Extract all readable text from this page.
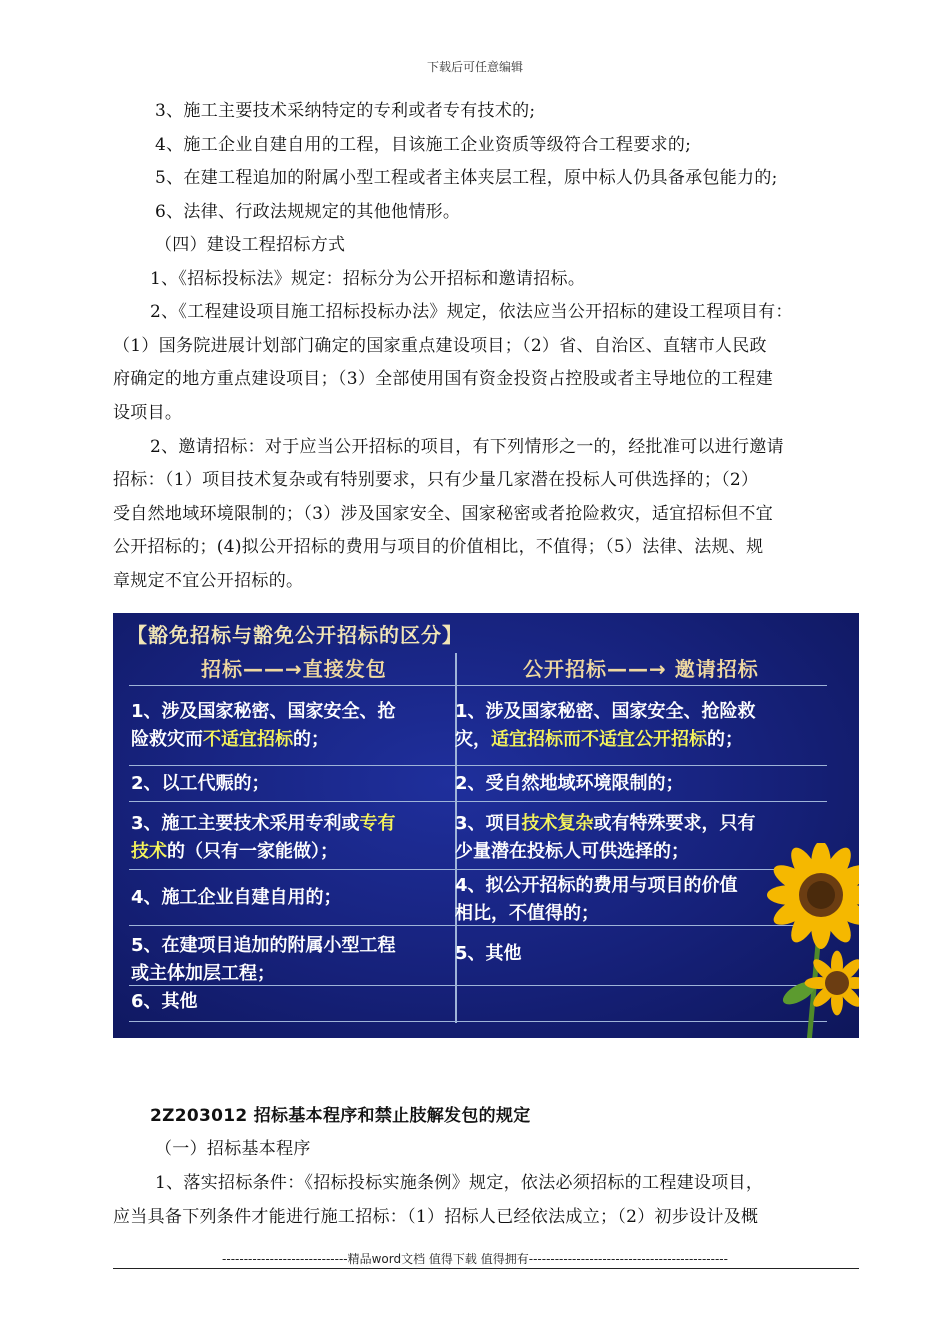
下载后可任意编辑
3、施工主要技术采纳特定的专利或者专有技术的;
4、施工企业自建自用的工程，目该施工企业资质等级符合工程要求的;
5、在建工程追加的附属小型工程或者主体夹层工程，原中标人仍具备承包能力的;
6、法律、行政法规规定的其他他情形。
（四）建设工程招标方式
1、《招标投标法》规定：招标分为公开招标和邀请招标。
2、《工程建设项目施工招标投标办法》规定，依法应当公开招标的建设工程项目有：
（1）国务院进展计划部门确定的国家重点建设项目；（2）省、自治区、直辖市人民政
府确定的地方重点建设项目；（3）全部使用国有资金投资占控股或者主导地位的工程建
设项目。
2、邀请招标：对于应当公开招标的项目，有下列情形之一的，经批准可以进行邀请
招标：（1）项目技术复杂或有特别要求，只有少量几家潜在投标人可供选择的；（2）
受自然地域环境限制的；（3）涉及国家安全、国家秘密或者抢险救灾，适宜招标但不宜
公开招标的；(4)拟公开招标的费用与项目的价值相比，不值得；（5）法律、法规、规
章规定不宜公开招标的。
【豁免招标与豁免公开招标的区分】
招标——→直接发包	公开招标——→ 邀请招标
1、涉及国家秘密、国家安全、抢
险救灾而不适宜招标的；
2、以工代赈的；
3、施工主要技术采用专利或专有
技术的（只有一家能做）；
4、施工企业自建自用的；
5、在建项目追加的附属小型工程
或主体加层工程；
6、其他
1、涉及国家秘密、国家安全、抢险救
灾，适宜招标而不适宜公开招标的；
2、受自然地域环境限制的；
3、项目技术复杂或有特殊要求，只有
少量潜在投标人可供选择的；
4、拟公开招标的费用与项目的价值
相比，不值得的；
5、其他
2Z203012 招标基本程序和禁止肢解发包的规定
（一）招标基本程序
1、落实招标条件：《招标投标实施条例》规定，依法必须招标的工程建设项目，
应当具备下列条件才能进行施工招标：（1）招标人已经依法成立；（2）初步设计及概
-----------------------------精品word文档 值得下载 值得拥有----------------------------------------------
